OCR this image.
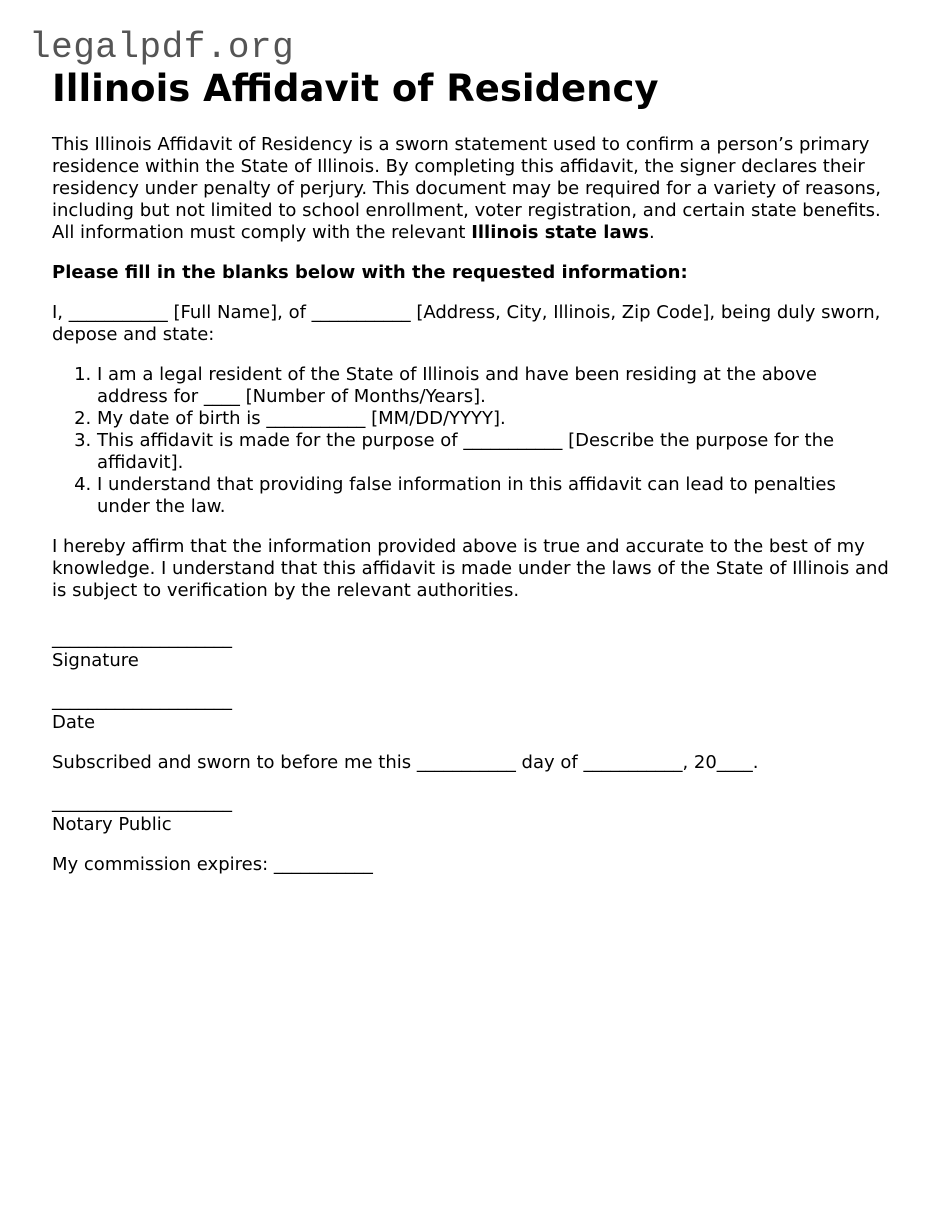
legalpdf.org
Illinois Affidavit of Residency

This Illinois Affidavit of Residency is a sworn statement used to confirm a person’s primary residence within the State of Illinois. By completing this affidavit, the signer declares their residency under penalty of perjury. This document may be required for a variety of reasons, including but not limited to school enrollment, voter registration, and certain state benefits. All information must comply with the relevant Illinois state laws.

Please fill in the blanks below with the requested information:

I, ___________ [Full Name], of ___________ [Address, City, Illinois, Zip Code], being duly sworn, depose and state:

1. I am a legal resident of the State of Illinois and have been residing at the above address for ____ [Number of Months/Years].
2. My date of birth is ___________ [MM/DD/YYYY].
3. This affidavit is made for the purpose of ___________ [Describe the purpose for the affidavit].
4. I understand that providing false information in this affidavit can lead to penalties under the law.

I hereby affirm that the information provided above is true and accurate to the best of my knowledge. I understand that this affidavit is made under the laws of the State of Illinois and is subject to verification by the relevant authorities.

____________________
Signature
____________________
Date

Subscribed and sworn to before me this ___________ day of ___________, 20____.

____________________
Notary Public

My commission expires: ___________
